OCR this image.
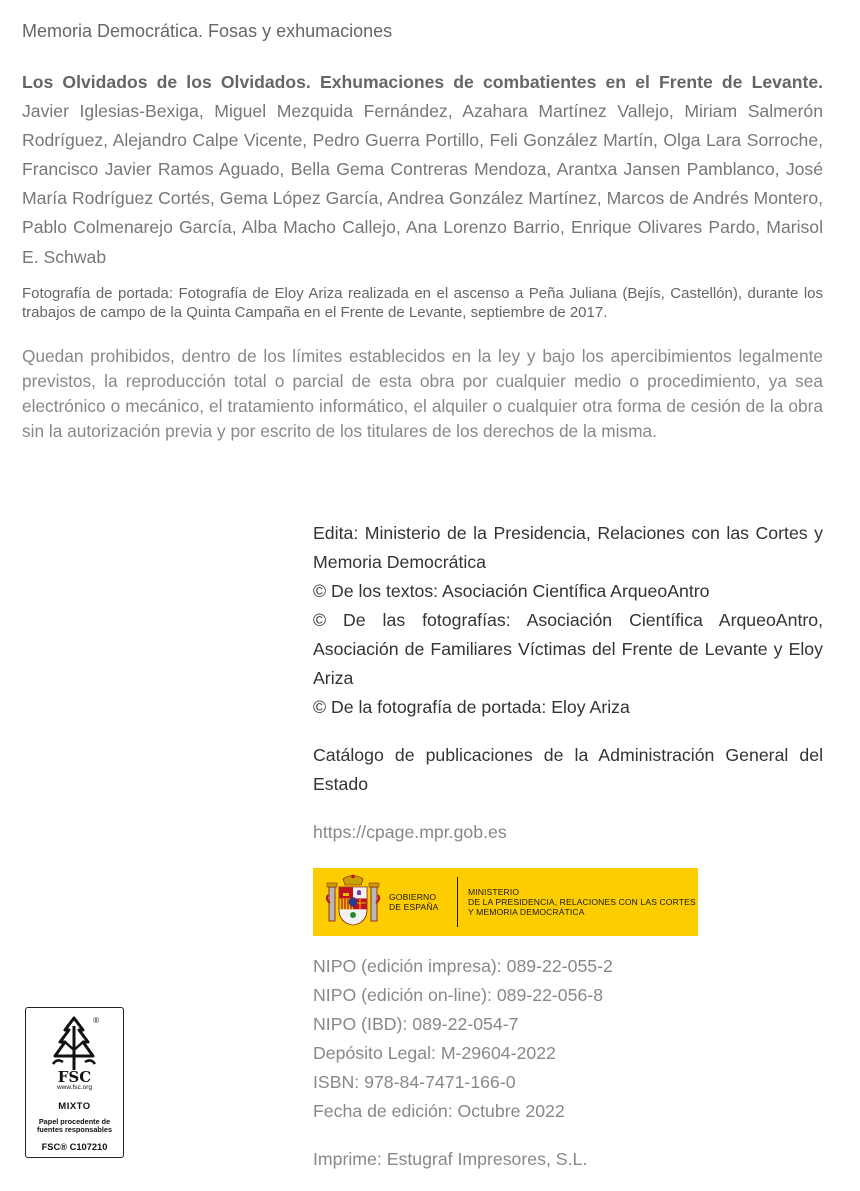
Memoria Democrática. Fosas y exhumaciones

Los Olvidados de los Olvidados. Exhumaciones de combatientes en el Frente de Levante. Javier Iglesias-Bexiga, Miguel Mezquida Fernández, Azahara Martínez Vallejo, Miriam Salmerón Rodríguez, Alejandro Calpe Vicente, Pedro Guerra Portillo, Feli González Martín, Olga Lara Sorroche, Francisco Javier Ramos Aguado, Bella Gema Contreras Mendoza, Arantxa Jansen Pamblanco, José María Rodríguez Cortés, Gema López García, Andrea González Martínez, Marcos de Andrés Montero, Pablo Colmenarejo García, Alba Macho Callejo, Ana Lorenzo Barrio, Enrique Olivares Pardo, Marisol E. Schwab

Fotografía de portada: Fotografía de Eloy Ariza realizada en el ascenso a Peña Juliana (Bejís, Castellón), durante los trabajos de campo de la Quinta Campaña en el Frente de Levante, septiembre de 2017.

Quedan prohibidos, dentro de los límites establecidos en la ley y bajo los apercibimientos legalmente previstos, la reproducción total o parcial de esta obra por cualquier medio o procedimiento, ya sea electrónico o mecánico, el tratamiento informático, el alquiler o cualquier otra forma de cesión de la obra sin la autorización previa y por escrito de los titulares de los derechos de la misma.

Edita: Ministerio de la Presidencia, Relaciones con las Cortes y Memoria Democrática

© De los textos: Asociación Científica ArqueoAntro

© De las fotografías: Asociación Científica ArqueoAntro, Asociación de Familiares Víctimas del Frente de Levante y Eloy Ariza

© De la fotografía de portada: Eloy Ariza

Catálogo de publicaciones de la Administración General del Estado

https://cpage.mpr.gob.es

GOBIERNO
DE ESPAÑA
MINISTERIO
DE LA PRESIDENCIA, RELACIONES CON LAS CORTES
Y MEMORIA DEMOCRÁTICA

NIPO (edición impresa): 089-22-055-2

NIPO (edición on-line): 089-22-056-8

NIPO (IBD): 089-22-054-7

Depósito Legal: M-29604-2022

ISBN: 978-84-7471-166-0

Fecha de edición: Octubre 2022

Imprime: Estugraf Impresores, S.L.

®
FSC
www.fsc.org
MIXTO
Papel procedente de
fuentes responsables
FSC® C107210
